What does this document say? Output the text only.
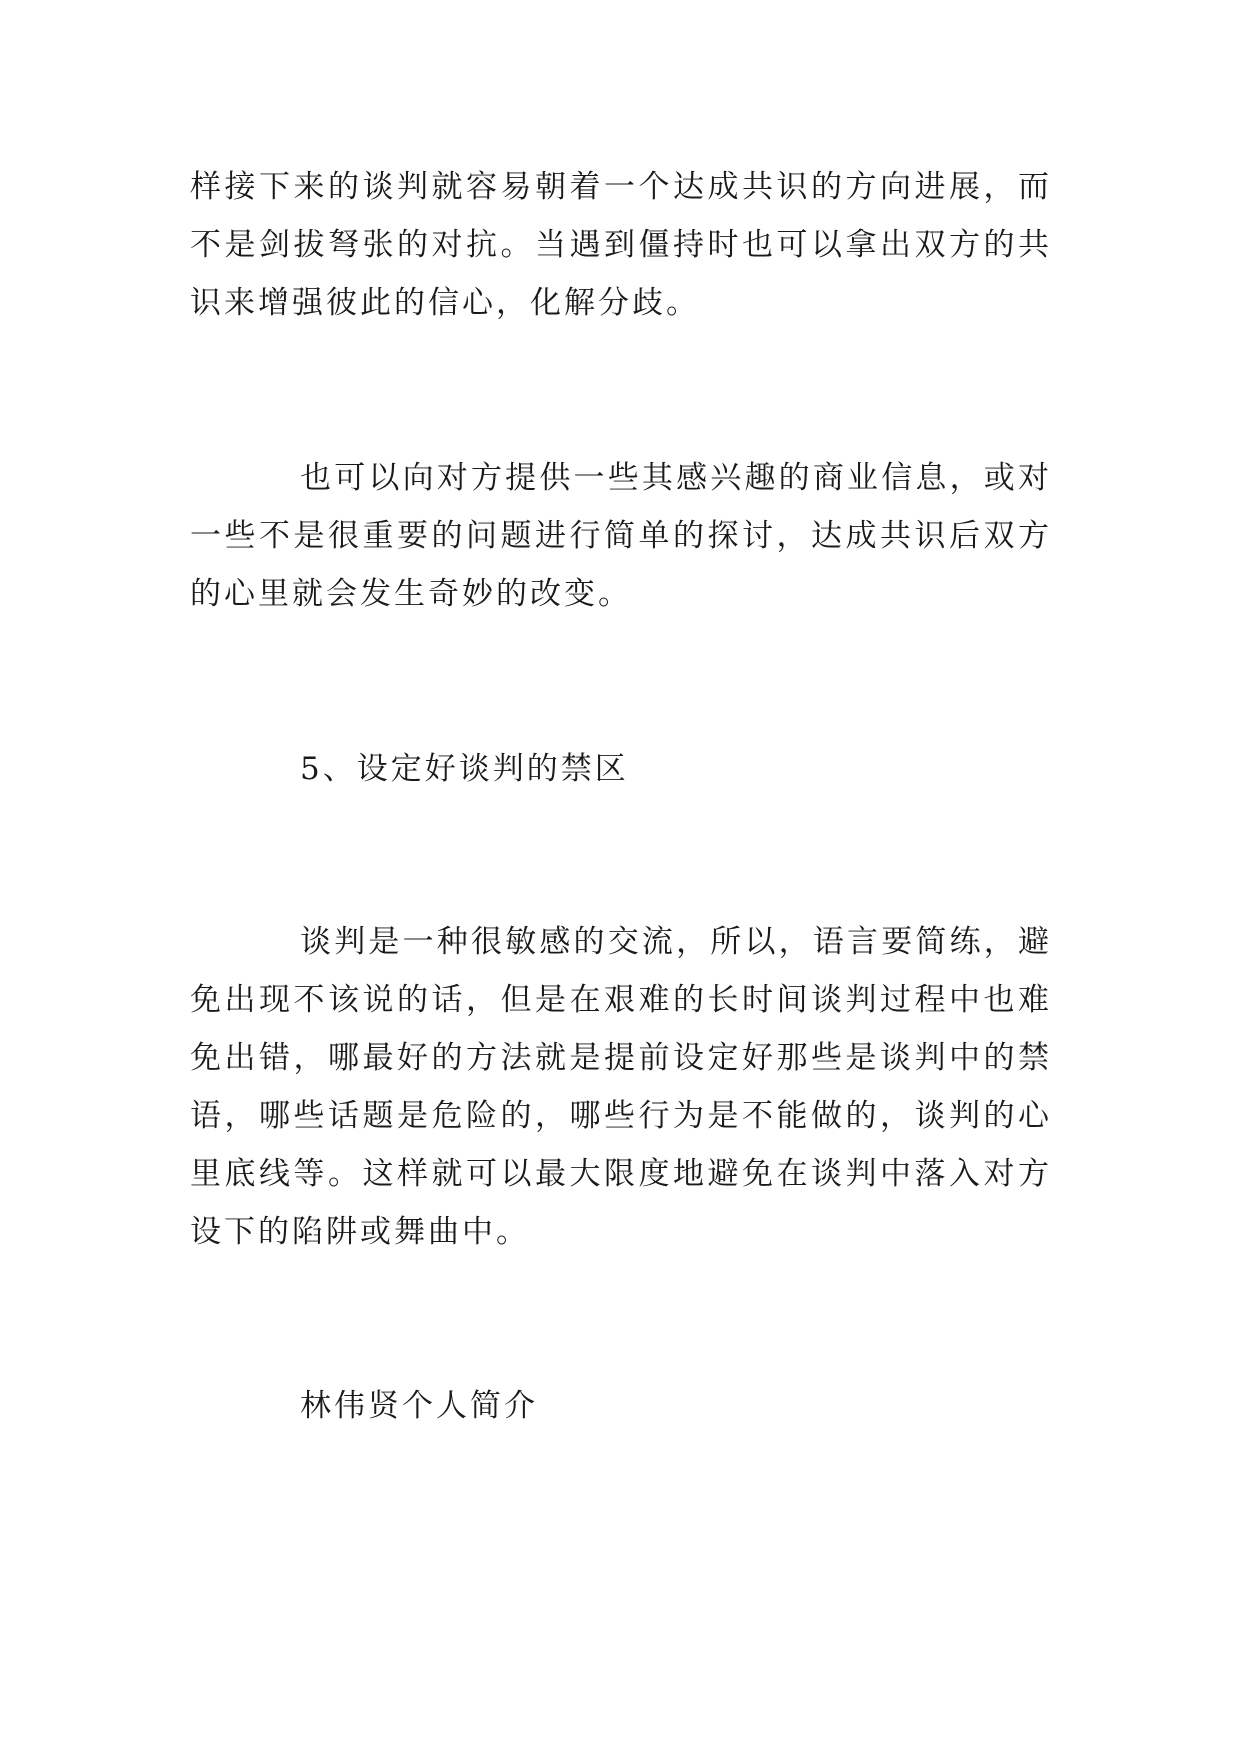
样接下来的谈判就容易朝着一个达成共识的方向进展，而不是剑拔弩张的对抗。当遇到僵持时也可以拿出双方的共识来增强彼此的信心，化解分歧。

也可以向对方提供一些其感兴趣的商业信息，或对一些不是很重要的问题进行简单的探讨，达成共识后双方的心里就会发生奇妙的改变。

5、设定好谈判的禁区

谈判是一种很敏感的交流，所以，语言要简练，避免出现不该说的话，但是在艰难的长时间谈判过程中也难免出错，哪最好的方法就是提前设定好那些是谈判中的禁语，哪些话题是危险的，哪些行为是不能做的，谈判的心里底线等。这样就可以最大限度地避免在谈判中落入对方设下的陷阱或舞曲中。

林伟贤个人简介
